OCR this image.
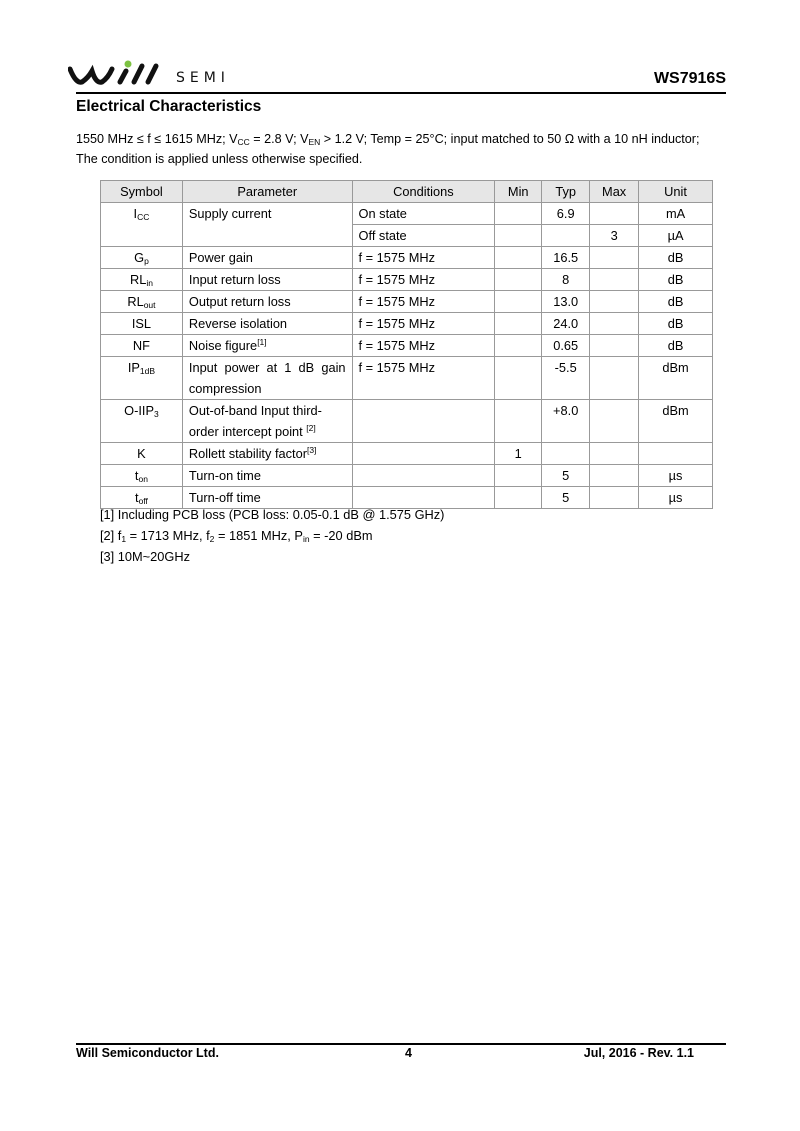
SEMI	WS7916S
Electrical Characteristics
1550 MHz ≤ f ≤ 1615 MHz; $V_{CC} = 2.8$ V; $V_{EN} > 1.2$ V; Temp = 25°C; input matched to 50 Ω with a 10 nH inductor;
The condition is applied unless otherwise specified.
Symbol	Parameter	Conditions	Min	Typ	Max	Unit
$I_{CC}$	Supply current	On state		6.9		mA
		Off state			3	µA
$G_p$	Power gain	f = 1575 MHz		16.5		dB
$RL_{in}$	Input return loss	f = 1575 MHz		8		dB
$RL_{out}$	Output return loss	f = 1575 MHz		13.0		dB
ISL	Reverse isolation	f = 1575 MHz		24.0		dB
NF	Noise figure[1]	f = 1575 MHz		0.65		dB
$IP_{1dB}$	Input power at 1 dB gain compression	f = 1575 MHz		-5.5		dBm
$O-IIP_3$	Out-of-band Input third-order intercept point [2]			+8.0		dBm
K	Rollett stability factor[3]		1			
$t_{on}$	Turn-on time			5		µs
$t_{off}$	Turn-off time			5		µs
[1] Including PCB loss (PCB loss: 0.05-0.1 dB @ 1.575 GHz)
[2] $f_1 = 1713$ MHz, $f_2 = 1851$ MHz, $P_{in} = -20$ dBm
[3] 10M~20GHz
Will Semiconductor Ltd.	4	Jul, 2016 - Rev. 1.1
